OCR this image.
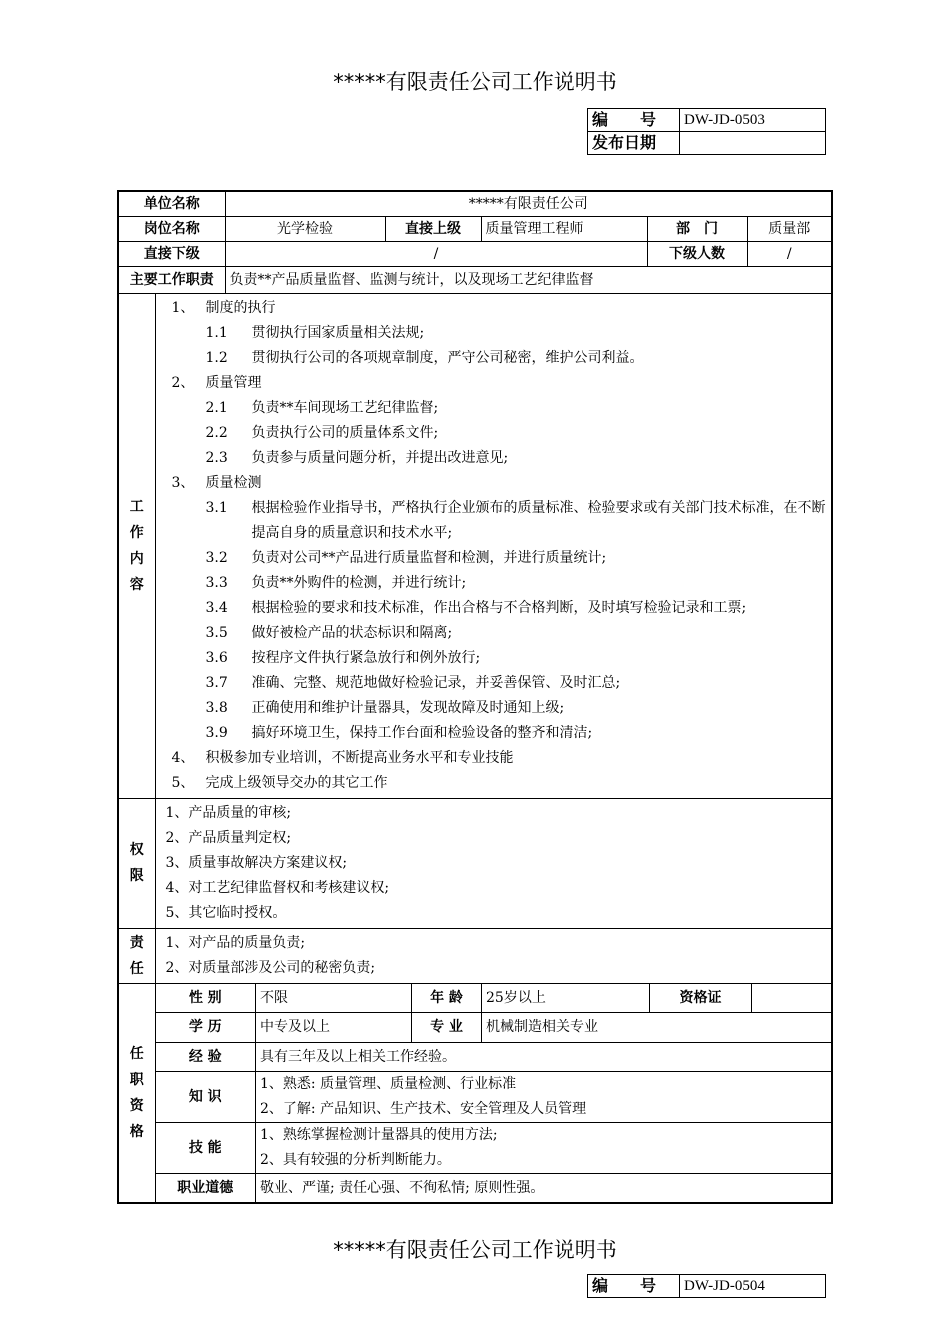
*****有限责任公司工作说明书
编　　号	DW-JD-0503
发布日期	
单位名称	*****有限责任公司
岗位名称	光学检验	直接上级	质量管理工程师	部　门	质量部
直接下级	/	下级人数	/
主要工作职责	负责**产品质量监督、监测与统计，以及现场工艺纪律监督
工作内容	
1、 制度的执行
1.1	贯彻执行国家质量相关法规;
1.2	贯彻执行公司的各项规章制度，严守公司秘密，维护公司利益。
2、 质量管理
2.1	负责**车间现场工艺纪律监督;
2.2	负责执行公司的质量体系文件;
2.3	负责参与质量问题分析，并提出改进意见;
3、 质量检测
3.1	根据检验作业指导书，严格执行企业颁布的质量标准、检验要求或有关部门技术标准，在不断提高自身的质量意识和技术水平;
3.2	负责对公司**产品进行质量监督和检测，并进行质量统计;
3.3	负责**外购件的检测，并进行统计;
3.4	根据检验的要求和技术标准，作出合格与不合格判断，及时填写检验记录和工票;
3.5	做好被检产品的状态标识和隔离;
3.6	按程序文件执行紧急放行和例外放行;
3.7	准确、完整、规范地做好检验记录，并妥善保管、及时汇总;
3.8	正确使用和维护计量器具，发现故障及时通知上级;
3.9	搞好环境卫生，保持工作台面和检验设备的整齐和清洁;
4、 积极参加专业培训，不断提高业务水平和专业技能
5、 完成上级领导交办的其它工作

权限	
1、产品质量的审核;
2、产品质量判定权;
3、质量事故解决方案建议权;
4、对工艺纪律监督权和考核建议权;
5、其它临时授权。

责任	
1、对产品的质量负责;
2、对质量部涉及公司的秘密负责;

任职资格	
性 别	不限	年 龄	25岁以上	资格证	
学 历	中专及以上	专 业	机械制造相关专业
经 验	具有三年及以上相关工作经验。
知 识	
1、熟悉: 质量管理、质量检测、行业标准
2、了解: 产品知识、生产技术、安全管理及人员管理

技 能	
1、熟练掌握检测计量器具的使用方法;
2、具有较强的分析判断能力。

职业道德	敬业、严谨; 责任心强、不徇私情; 原则性强。
*****有限责任公司工作说明书
编　　号	DW-JD-0504
